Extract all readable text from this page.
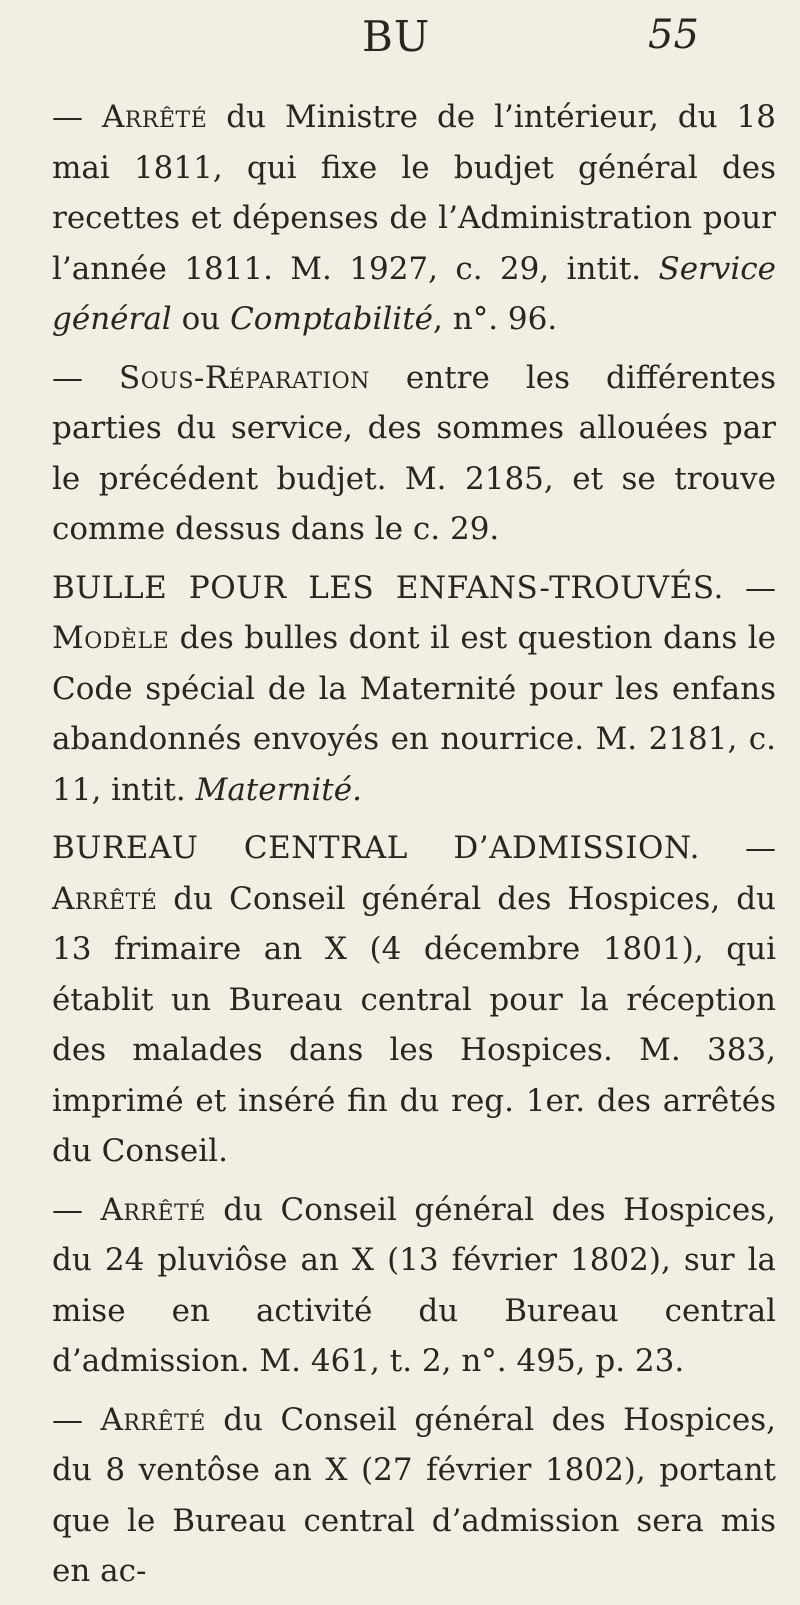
BU	55

— Arrêté du Ministre de l’intérieur, du 18 mai 1811, qui fixe le budjet général des recettes et dépenses de l’Administration pour l’année 1811. M. 1927, c. 29, intit. Service général ou Comptabilité, n°. 96.

— Sous-Réparation entre les différentes parties du service, des sommes allouées par le précédent budjet. M. 2185, et se trouve comme dessus dans le c. 29.

BULLE POUR LES ENFANS-TROUVÉS. — Modèle des bulles dont il est question dans le Code spécial de la Maternité pour les enfans abandonnés envoyés en nourrice. M. 2181, c. 11, intit. Maternité.

BUREAU CENTRAL D’ADMISSION. — Arrêté du Conseil général des Hospices, du 13 frimaire an X (4 décembre 1801), qui établit un Bureau central pour la réception des malades dans les Hospices. M. 383, imprimé et inséré fin du reg. 1er. des arrêtés du Conseil.

— Arrêté du Conseil général des Hospices, du 24 pluviôse an X (13 février 1802), sur la mise en activité du Bureau central d’admission. M. 461, t. 2, n°. 495, p. 23.

— Arrêté du Conseil général des Hospices, du 8 ventôse an X (27 février 1802), portant que le Bureau central d’admission sera mis en ac-
